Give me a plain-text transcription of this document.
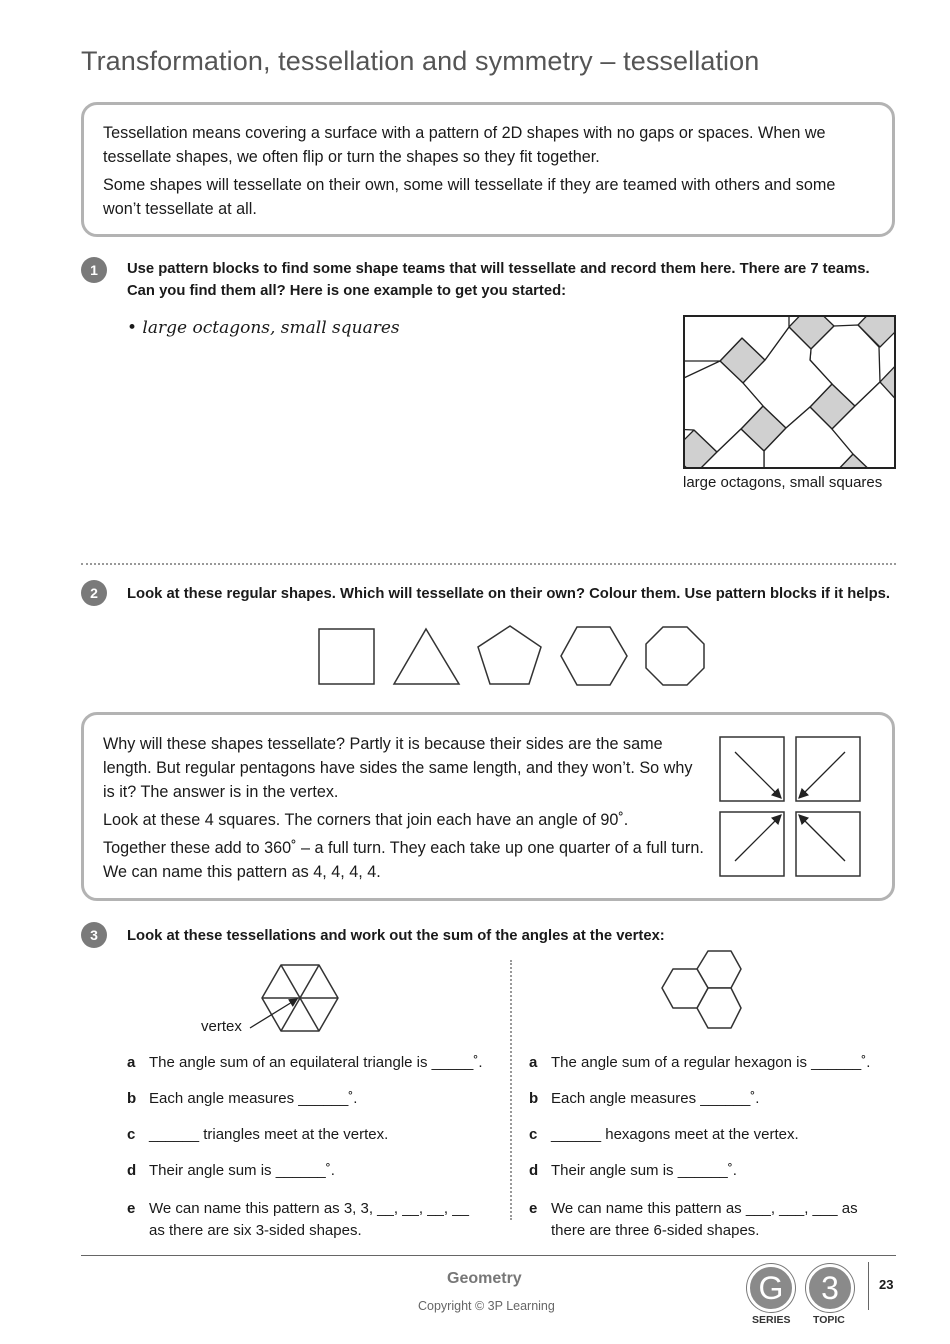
Transformation, tessellation and symmetry – tessellation

Tessellation means covering a surface with a pattern of 2D shapes with no gaps or spaces. When we tessellate shapes, we often flip or turn the shapes so they fit together.

Some shapes will tessellate on their own, some will tessellate if they are teamed with others and some won’t tessellate at all.

1	Use pattern blocks to find some shape teams that will tessellate and record them here. There are 7 teams. Can you find them all? Here is one example to get you started:
• large octagons, small squares
large octagons, small squares
2	Look at these regular shapes. Which will tessellate on their own? Colour them. Use pattern blocks if it helps.

Why will these shapes tessellate? Partly it is because their sides are the same length. But regular pentagons have sides the same length, and they won’t. So why is it? The answer is in the vertex.

Look at these 4 squares. The corners that join each have an angle of 90˚.

Together these add to 360˚ – a full turn. They each take up one quarter of a full turn. We can name this pattern as 4, 4, 4, 4.

3	Look at these tessellations and work out the sum of the angles at the vertex:
vertex
a The angle sum of an equilateral triangle is _____˚.
b Each angle measures ______˚.
c ______ triangles meet at the vertex.
d Their angle sum is ______˚.
e We can name this pattern as 3, 3, __, __, __, __
as there are six 3-sided shapes.
a The angle sum of a regular hexagon is ______˚.
b Each angle measures ______˚.
c ______ hexagons meet at the vertex.
d Their angle sum is ______˚.
e We can name this pattern as ___, ___, ___ as
there are three 6-sided shapes.
Geometry
Copyright © 3P Learning	G
SERIES
3
TOPIC
23
